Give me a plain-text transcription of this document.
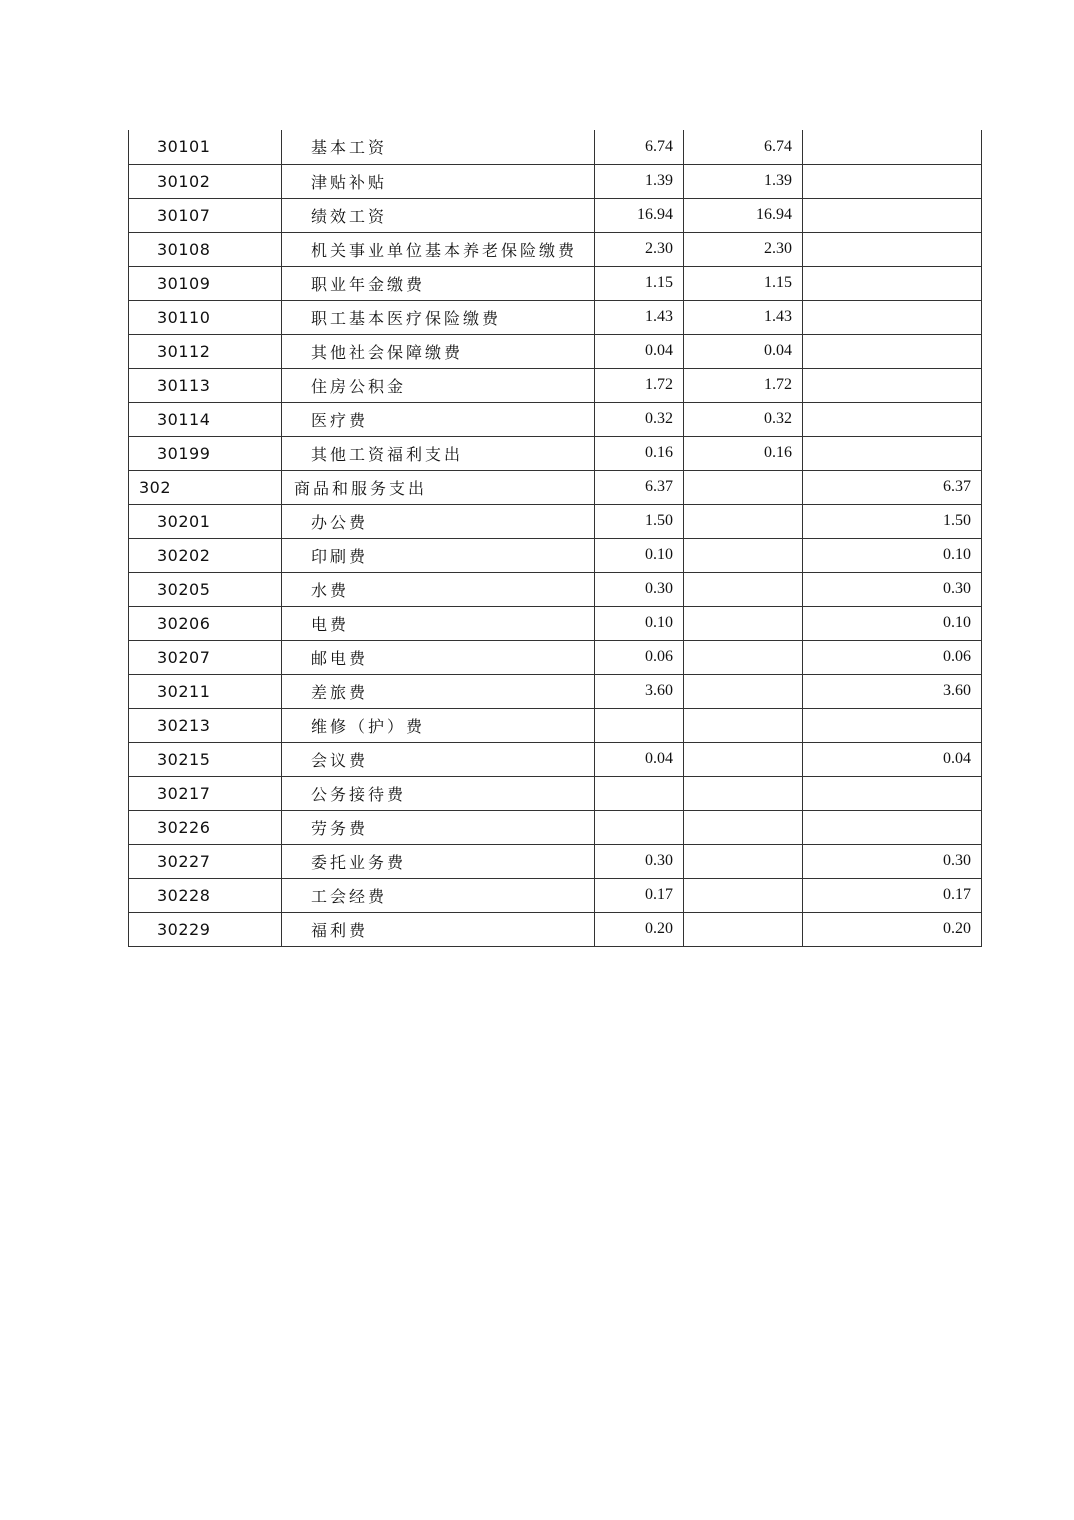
30101	基本工资	6.74	6.74	
30102	津贴补贴	1.39	1.39	
30107	绩效工资	16.94	16.94	
30108	机关事业单位基本养老保险缴费	2.30	2.30	
30109	职业年金缴费	1.15	1.15	
30110	职工基本医疗保险缴费	1.43	1.43	
30112	其他社会保障缴费	0.04	0.04	
30113	住房公积金	1.72	1.72	
30114	医疗费	0.32	0.32	
30199	其他工资福利支出	0.16	0.16	
302	商品和服务支出	6.37		6.37
30201	办公费	1.50		1.50
30202	印刷费	0.10		0.10
30205	水费	0.30		0.30
30206	电费	0.10		0.10
30207	邮电费	0.06		0.06
30211	差旅费	3.60		3.60
30213	维修（护）费			
30215	会议费	0.04		0.04
30217	公务接待费			
30226	劳务费			
30227	委托业务费	0.30		0.30
30228	工会经费	0.17		0.17
30229	福利费	0.20		0.20
